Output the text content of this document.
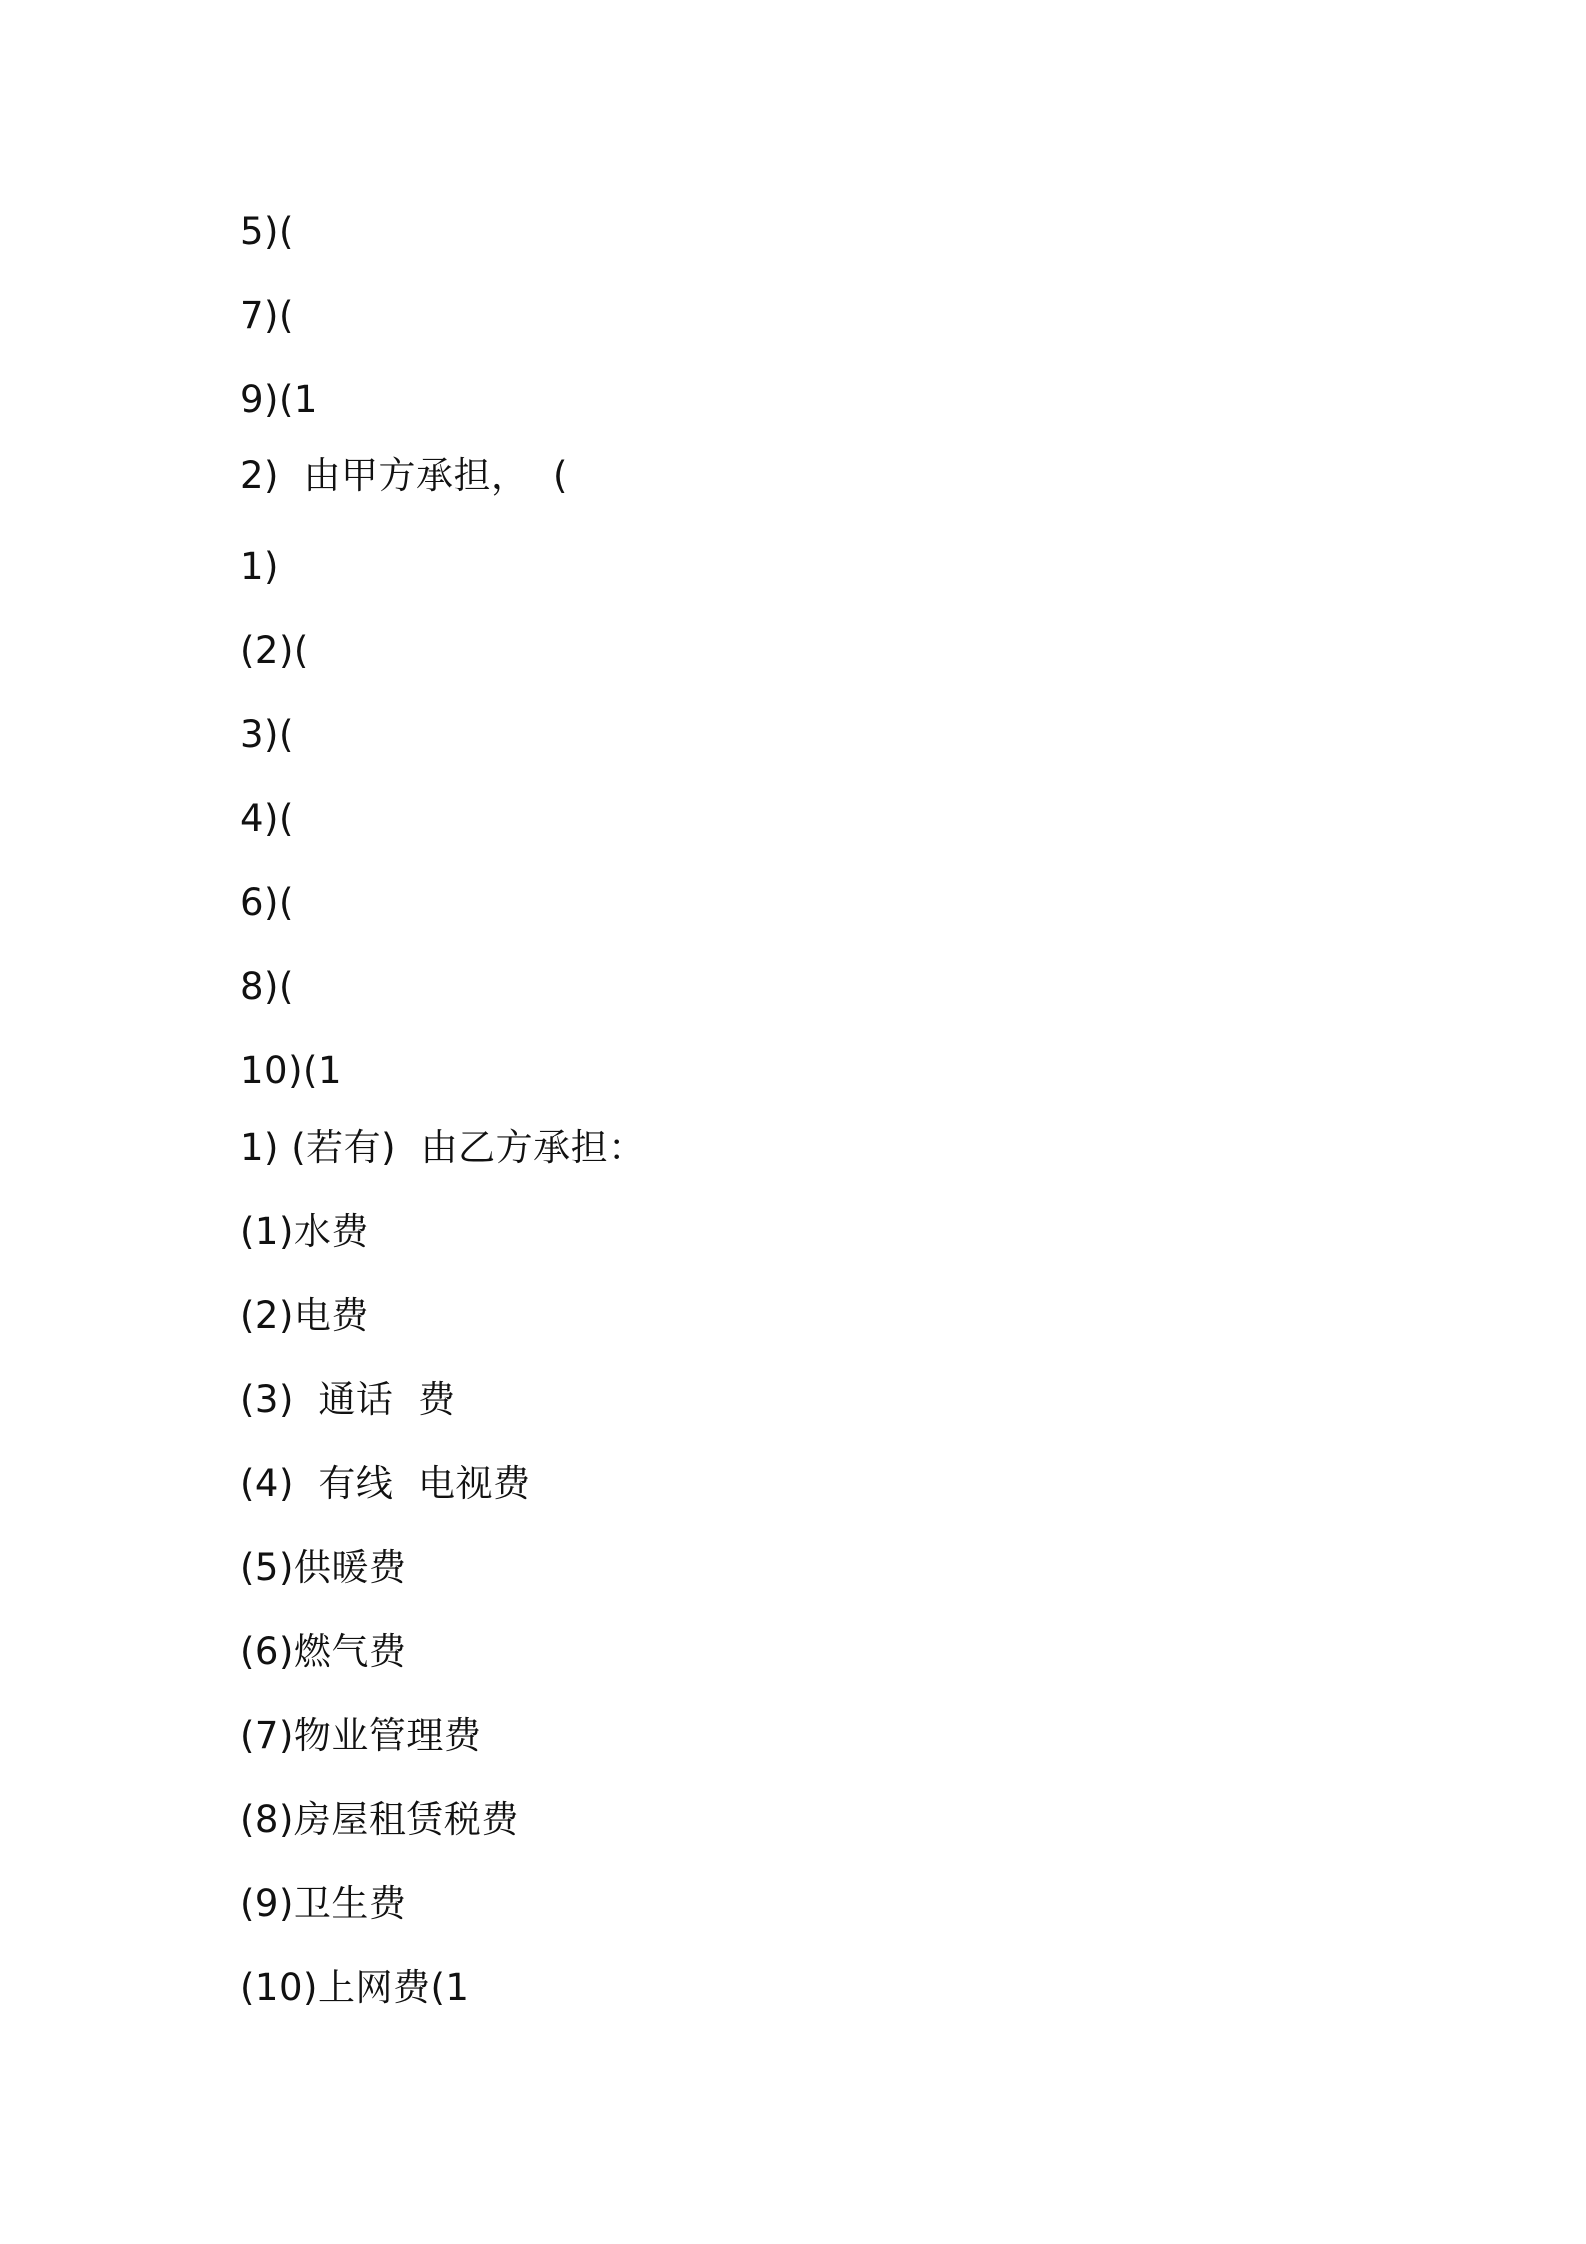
5)(
7)(
9)(1
2)  由甲方承担，  (
1)
(2)(
3)(
4)(
6)(
8)(
10)(1
1) (若有)  由乙方承担：
(1)水费
(2)电费
(3)  通话  费
(4)  有线  电视费
(5)供暖费
(6)燃气费
(7)物业管理费
(8)房屋租赁税费
(9)卫生费
(10)上网费(1
